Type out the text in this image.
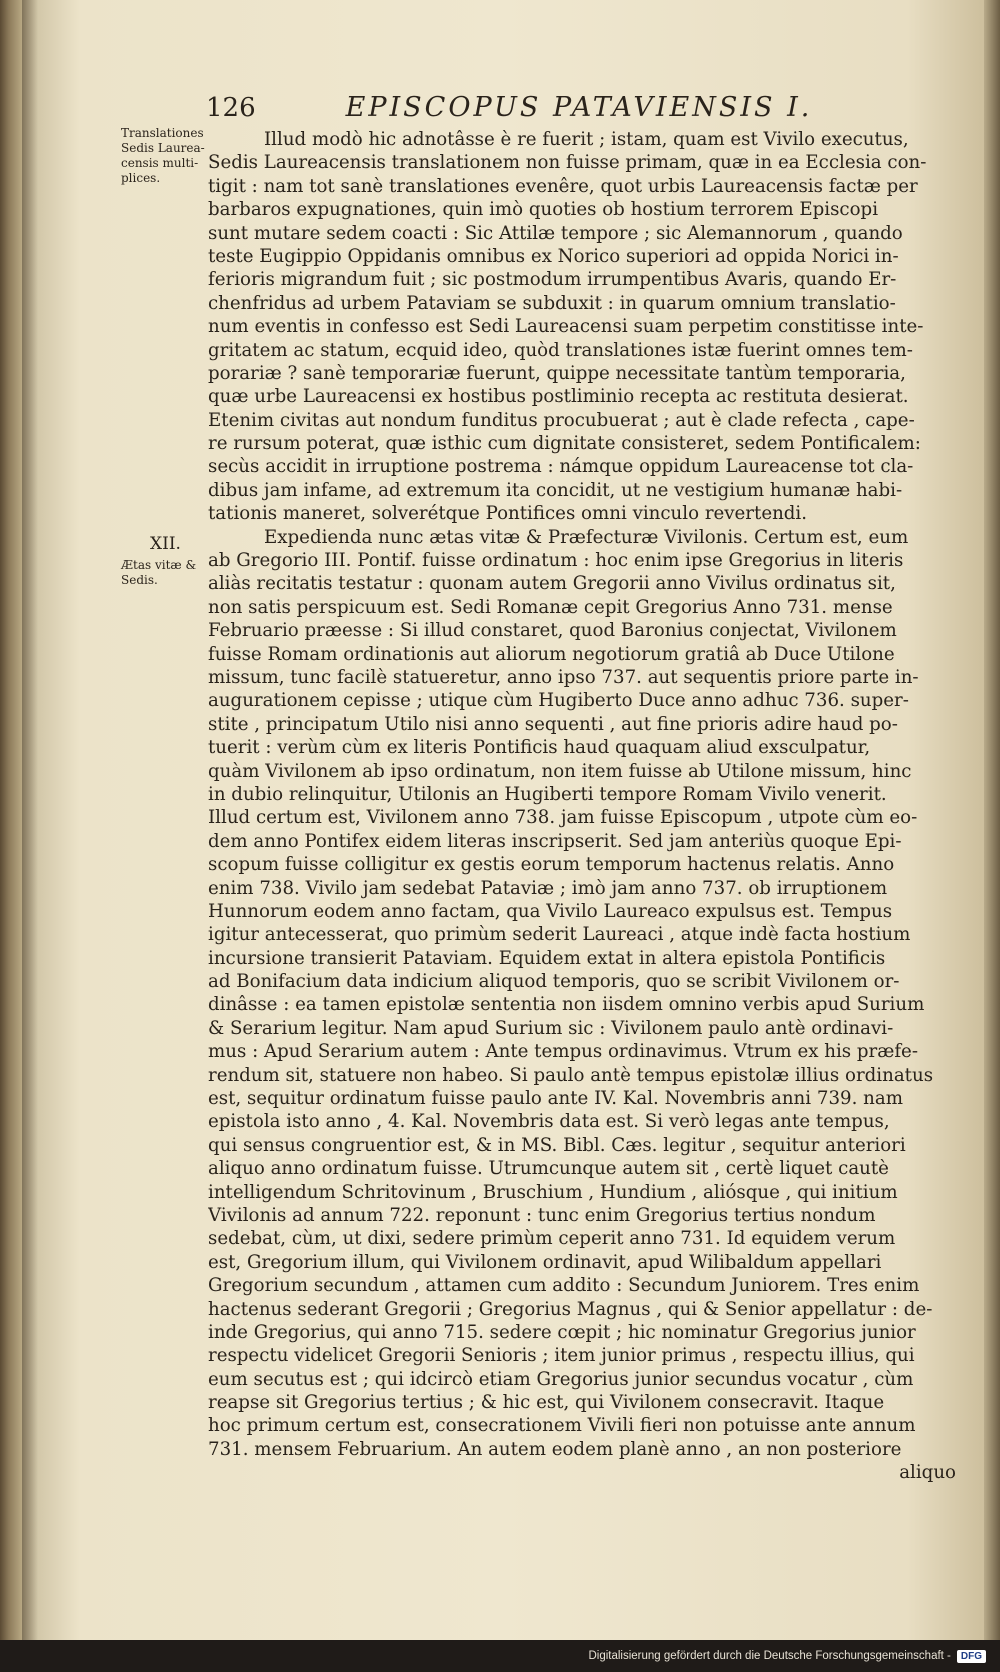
126	EPISCOPUS PATAVIENSIS I.
Translationes
Sedis Laurea-
censis multi-
plices.
XII.
Ætas vitæ &
Sedis.
Illud modò hic adnotâsse è re fuerit ; istam, quam est Vivilo executus,
Sedis Laureacensis translationem non fuisse primam, quæ in ea Ecclesia con-
tigit : nam tot sanè translationes evenêre, quot urbis Laureacensis factæ per
barbaros expugnationes, quin imò quoties ob hostium terrorem Episcopi
sunt mutare sedem coacti : Sic Attilæ tempore ; sic Alemannorum , quando
teste Eugippio Oppidanis omnibus ex Norico superiori ad oppida Norici in-
ferioris migrandum fuit ; sic postmodum irrumpentibus Avaris, quando Er-
chenfridus ad urbem Pataviam se subduxit : in quarum omnium translatio-
num eventis in confesso est Sedi Laureacensi suam perpetim constitisse inte-
gritatem ac statum, ecquid ideo, quòd translationes istæ fuerint omnes tem-
porariæ ? sanè temporariæ fuerunt, quippe necessitate tantùm temporaria,
quæ urbe Laureacensi ex hostibus postliminio recepta ac restituta desierat.
Etenim civitas aut nondum funditus procubuerat ; aut è clade refecta , cape-
re rursum poterat, quæ isthic cum dignitate consisteret, sedem Pontificalem:
secùs accidit in irruptione postrema : námque oppidum Laureacense tot cla-
dibus jam infame, ad extremum ita concidit, ut ne vestigium humanæ habi-
tationis maneret, solverétque Pontifices omni vinculo revertendi.
Expedienda nunc ætas vitæ & Præfecturæ Vivilonis. Certum est, eum
ab Gregorio III. Pontif. fuisse ordinatum : hoc enim ipse Gregorius in literis
aliàs recitatis testatur : quonam autem Gregorii anno Vivilus ordinatus sit,
non satis perspicuum est. Sedi Romanæ cepit Gregorius Anno 731. mense
Februario præesse : Si illud constaret, quod Baronius conjectat, Vivilonem
fuisse Romam ordinationis aut aliorum negotiorum gratiâ ab Duce Utilone
missum, tunc facilè statueretur, anno ipso 737. aut sequentis priore parte in-
augurationem cepisse ; utique cùm Hugiberto Duce anno adhuc 736. super-
stite , principatum Utilo nisi anno sequenti , aut fine prioris adire haud po-
tuerit : verùm cùm ex literis Pontificis haud quaquam aliud exsculpatur,
quàm Vivilonem ab ipso ordinatum, non item fuisse ab Utilone missum, hinc
in dubio relinquitur, Utilonis an Hugiberti tempore Romam Vivilo venerit.
Illud certum est, Vivilonem anno 738. jam fuisse Episcopum , utpote cùm eo-
dem anno Pontifex eidem literas inscripserit. Sed jam anteriùs quoque Epi-
scopum fuisse colligitur ex gestis eorum temporum hactenus relatis. Anno
enim 738. Vivilo jam sedebat Pataviæ ; imò jam anno 737. ob irruptionem
Hunnorum eodem anno factam, qua Vivilo Laureaco expulsus est. Tempus
igitur antecesserat, quo primùm sederit Laureaci , atque indè facta hostium
incursione transierit Pataviam. Equidem extat in altera epistola Pontificis
ad Bonifacium data indicium aliquod temporis, quo se scribit Vivilonem or-
dinâsse : ea tamen epistolæ sententia non iisdem omnino verbis apud Surium
& Serarium legitur. Nam apud Surium sic : Vivilonem paulo antè ordinavi-
mus : Apud Serarium autem : Ante tempus ordinavimus. Vtrum ex his præfe-
rendum sit, statuere non habeo. Si paulo antè tempus epistolæ illius ordinatus
est, sequitur ordinatum fuisse paulo ante IV. Kal. Novembris anni 739. nam
epistola isto anno , 4. Kal. Novembris data est. Si verò legas ante tempus,
qui sensus congruentior est, & in MS. Bibl. Cæs. legitur , sequitur anteriori
aliquo anno ordinatum fuisse. Utrumcunque autem sit , certè liquet cautè
intelligendum Schritovinum , Bruschium , Hundium , aliósque , qui initium
Vivilonis ad annum 722. reponunt : tunc enim Gregorius tertius nondum
sedebat, cùm, ut dixi, sedere primùm ceperit anno 731. Id equidem verum
est, Gregorium illum, qui Vivilonem ordinavit, apud Wilibaldum appellari
Gregorium secundum , attamen cum addito : Secundum Juniorem. Tres enim
hactenus sederant Gregorii ; Gregorius Magnus , qui & Senior appellatur : de-
inde Gregorius, qui anno 715. sedere cœpit ; hic nominatur Gregorius junior
respectu videlicet Gregorii Senioris ; item junior primus , respectu illius, qui
eum secutus est ; qui idcircò etiam Gregorius junior secundus vocatur , cùm
reapse sit Gregorius tertius ; & hic est, qui Vivilonem consecravit. Itaque
hoc primum certum est, consecrationem Vivili fieri non potuisse ante annum
731. mensem Februarium. An autem eodem planè anno , an non posteriore
aliquo
Digitalisierung gefördert durch die Deutsche Forschungsgemeinschaft -	DFG
